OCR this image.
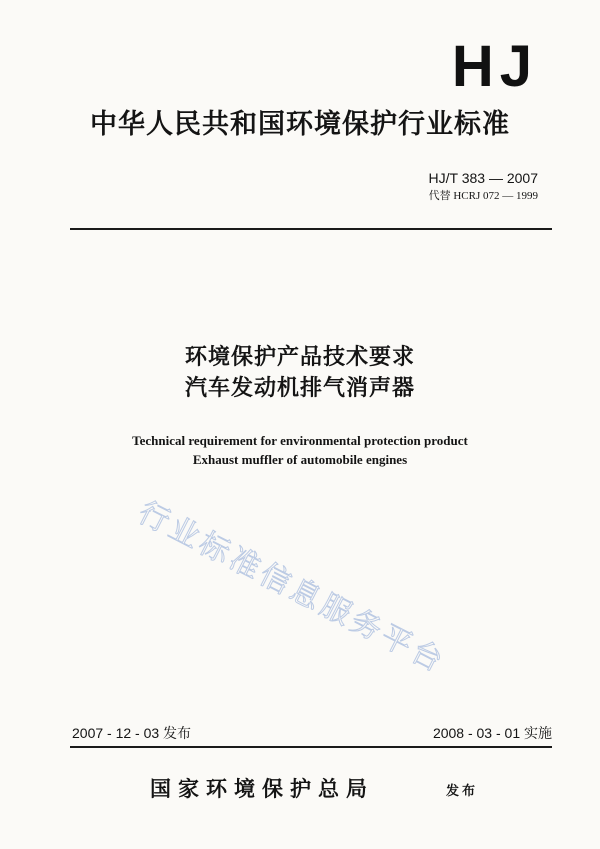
HJ
中华人民共和国环境保护行业标准
HJ/T 383 — 2007
代替 HCRJ 072 — 1999
环境保护产品技术要求
汽车发动机排气消声器
Technical requirement for environmental protection product
Exhaust muffler of automobile engines
行业标准信息服务平台
2007 - 12 - 03 发布	2008 - 03 - 01 实施
国家环境保护总局	发布
